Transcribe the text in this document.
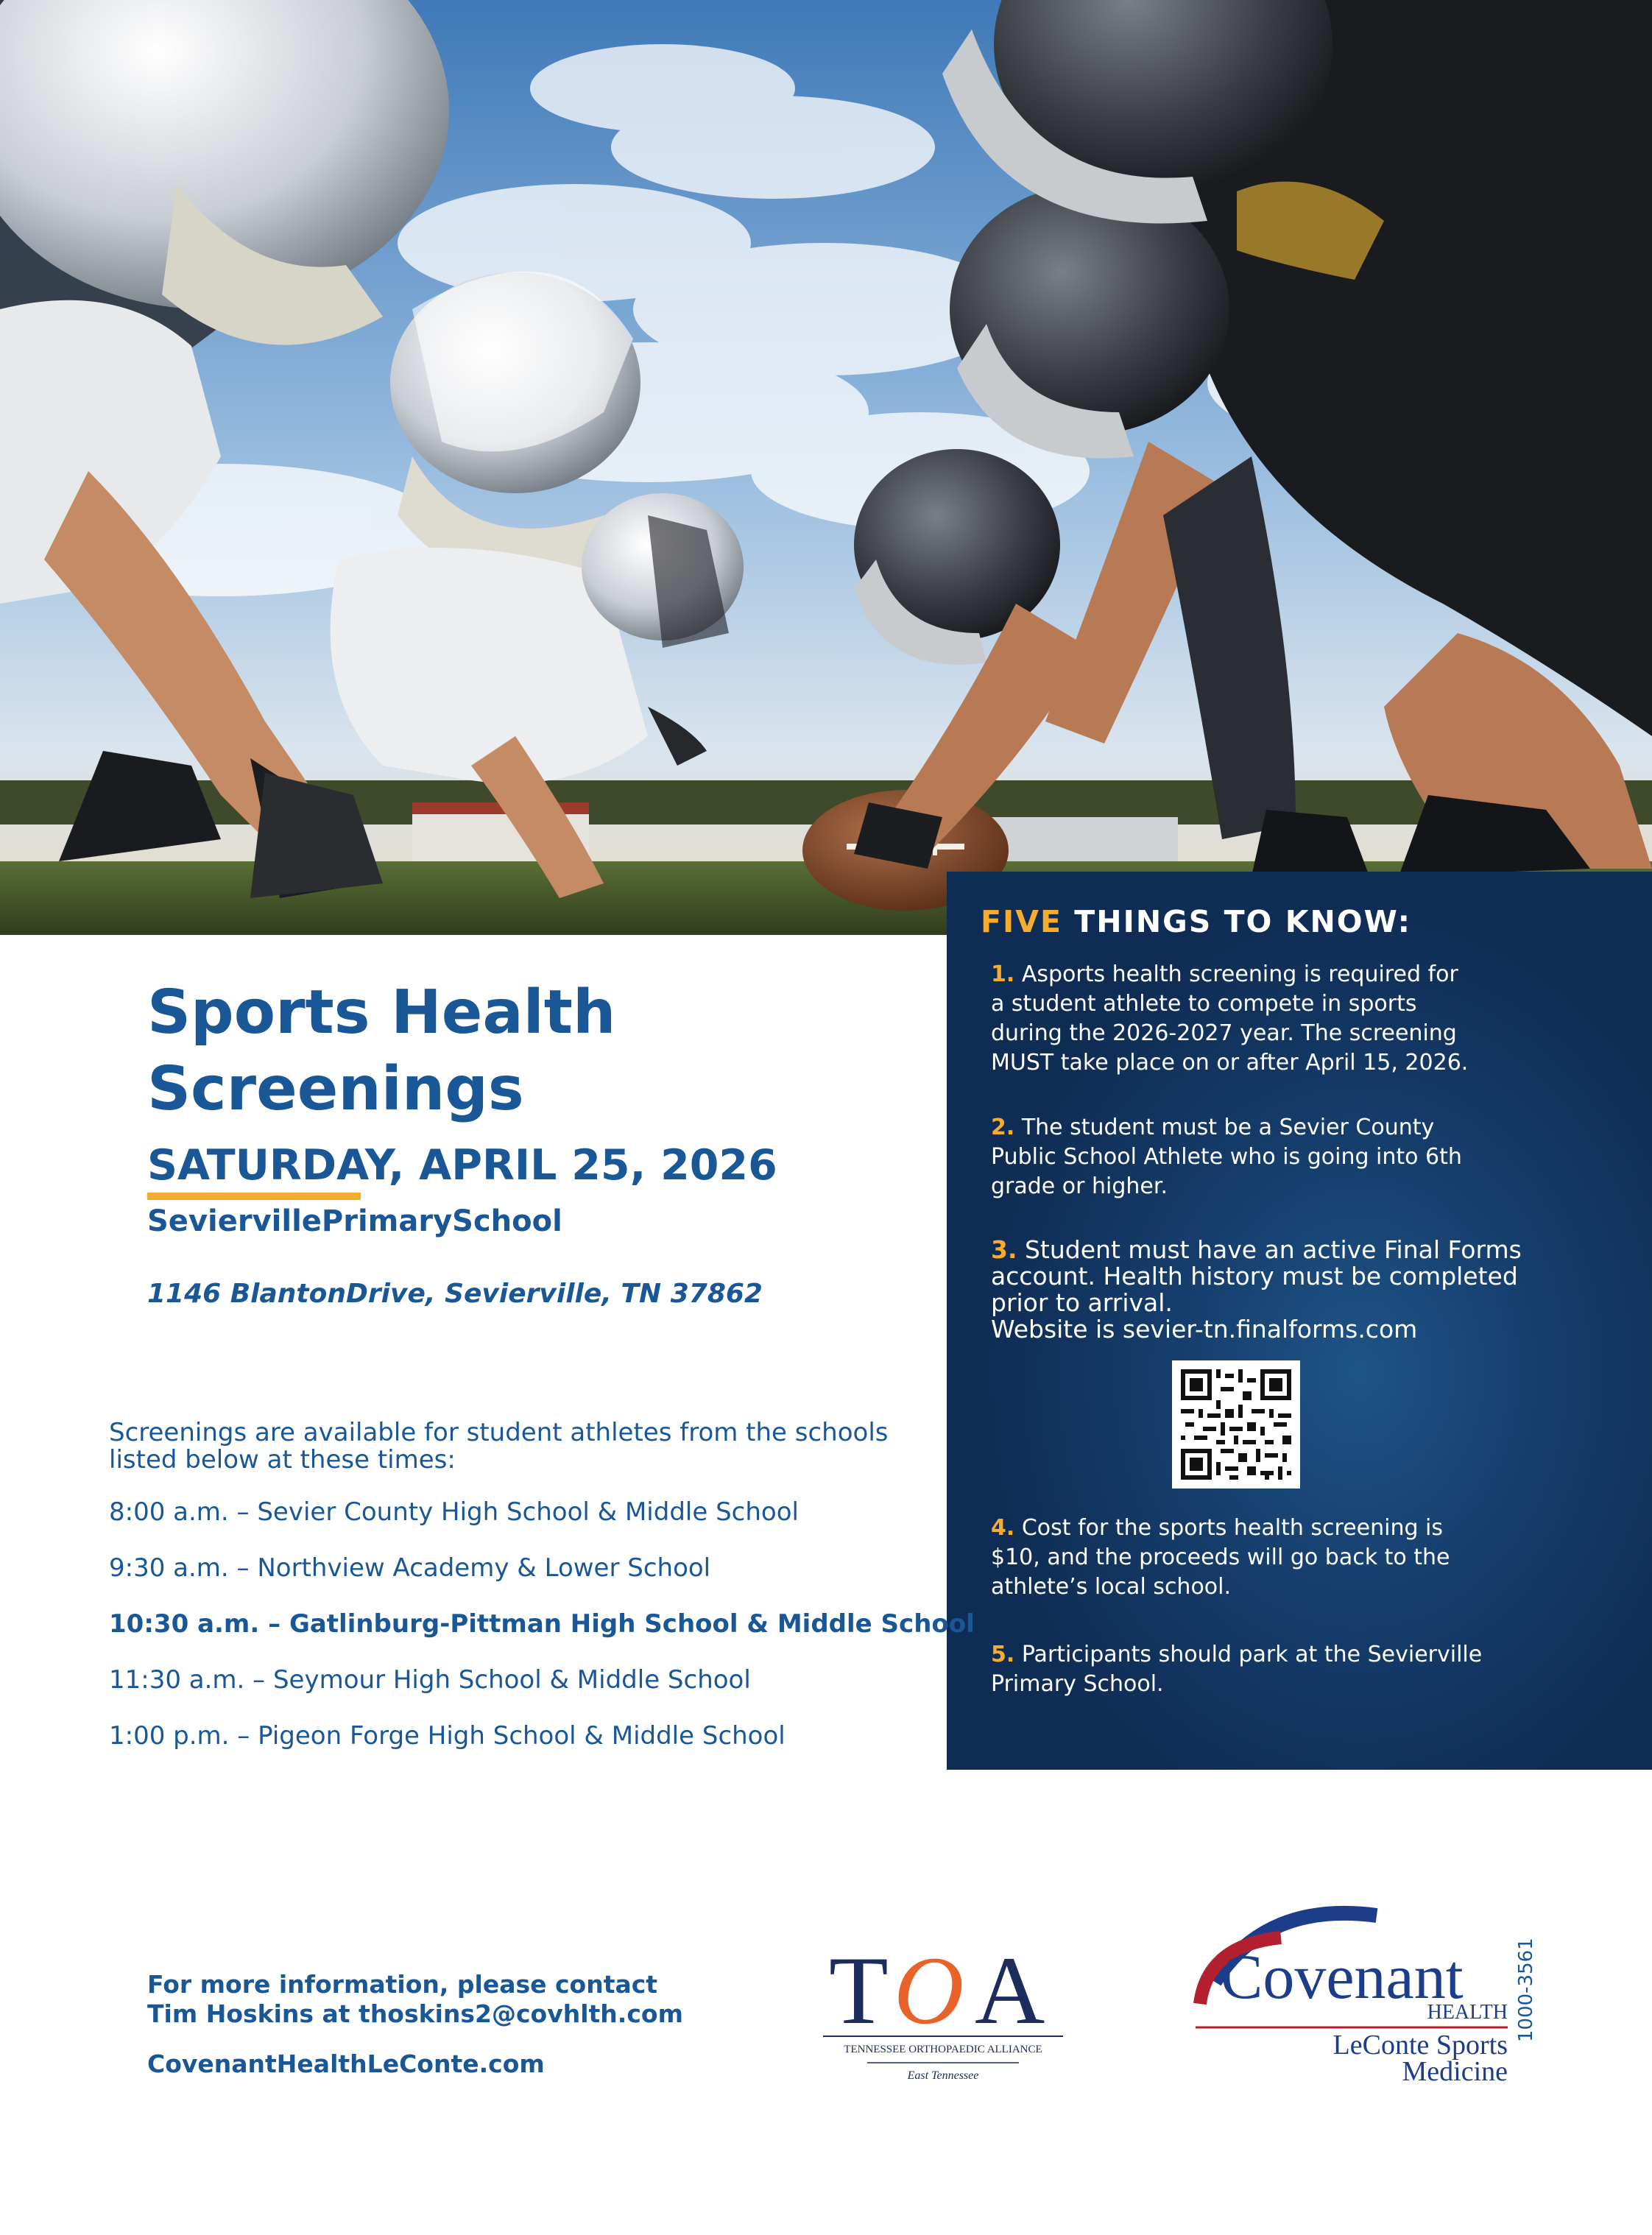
FIVE THINGS TO KNOW:
1. Asports health screening is required for
a student athlete to compete in sports
during the 2026-2027 year. The screening
MUST take place on or after April 15, 2026.
2. The student must be a Sevier County
Public School Athlete who is going into 6th
grade or higher.
3. Student must have an active Final Forms
account. Health history must be completed
prior to arrival.
Website is sevier-tn.finalforms.com
4. Cost for the sports health screening is
$10, and the proceeds will go back to the
athlete’s local school.
5. Participants should park at the Sevierville
Primary School.
Sports Health Screenings
SATURDAY, APRIL 25, 2026
SeviervillePrimarySchool
1146 BlantonDrive, Sevierville, TN 37862
Screenings are available for student athletes from the schools listed below at these times:
8:00 a.m. – Sevier County High School & Middle School
9:30 a.m. – Northview Academy & Lower School
10:30 a.m. – Gatlinburg-Pittman High School & Middle School
11:30 a.m. – Seymour High School & Middle School
1:00 p.m. – Pigeon Forge High School & Middle School
For more information, please contact
Tim Hoskins at thoskins2@covhlth.com
CovenantHealthLeConte.com
T O A
TENNESSEE ORTHOPAEDIC ALLIANCE
East Tennessee
Covenant
HEALTH
LeConte Sports
Medicine
1000-3561
